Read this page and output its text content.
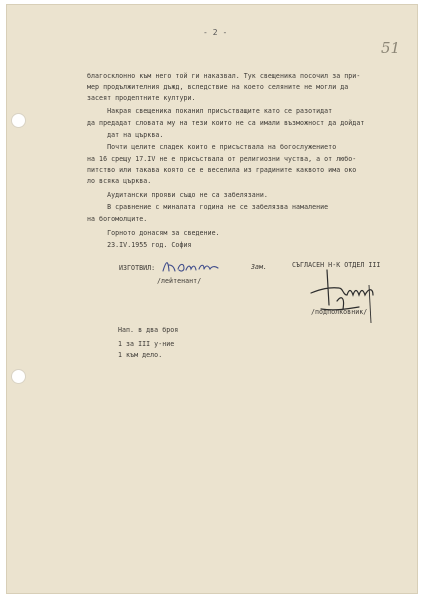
- 2 -
51
благосклонно към него той ги наказвал. Тук свещеника посочил за при-
мер продължителния дъжд, вследствие на което селяните не могли да
засеят продептните култури.
Накрая свещеника поканил присъстващите като се разотидат
да предадат словата му на тези които не са имали възможност да дойдат
дат на църква.
Почти целите сладек които е присъствала на богослужението
на 16 срещу 17.IV не е присъствала от религиозни чуства, а от любо-
питство или такава която се е веселила из градините каквото има око
ло всяка църква.
Аудитански прояви също не са забелязани.
В сравнение с миналата година не се забелязва намаление
на богомолците.
Горното донасям за сведение.
23.IV.1955 год. София
ИЗГОТВИЛ:
/лейтенант/
Зам.	СЪГЛАСЕН Н-К ОТДЕЛ III
/подполковник/
Нап. в два броя
1 за III у-ние
1 към дело.
